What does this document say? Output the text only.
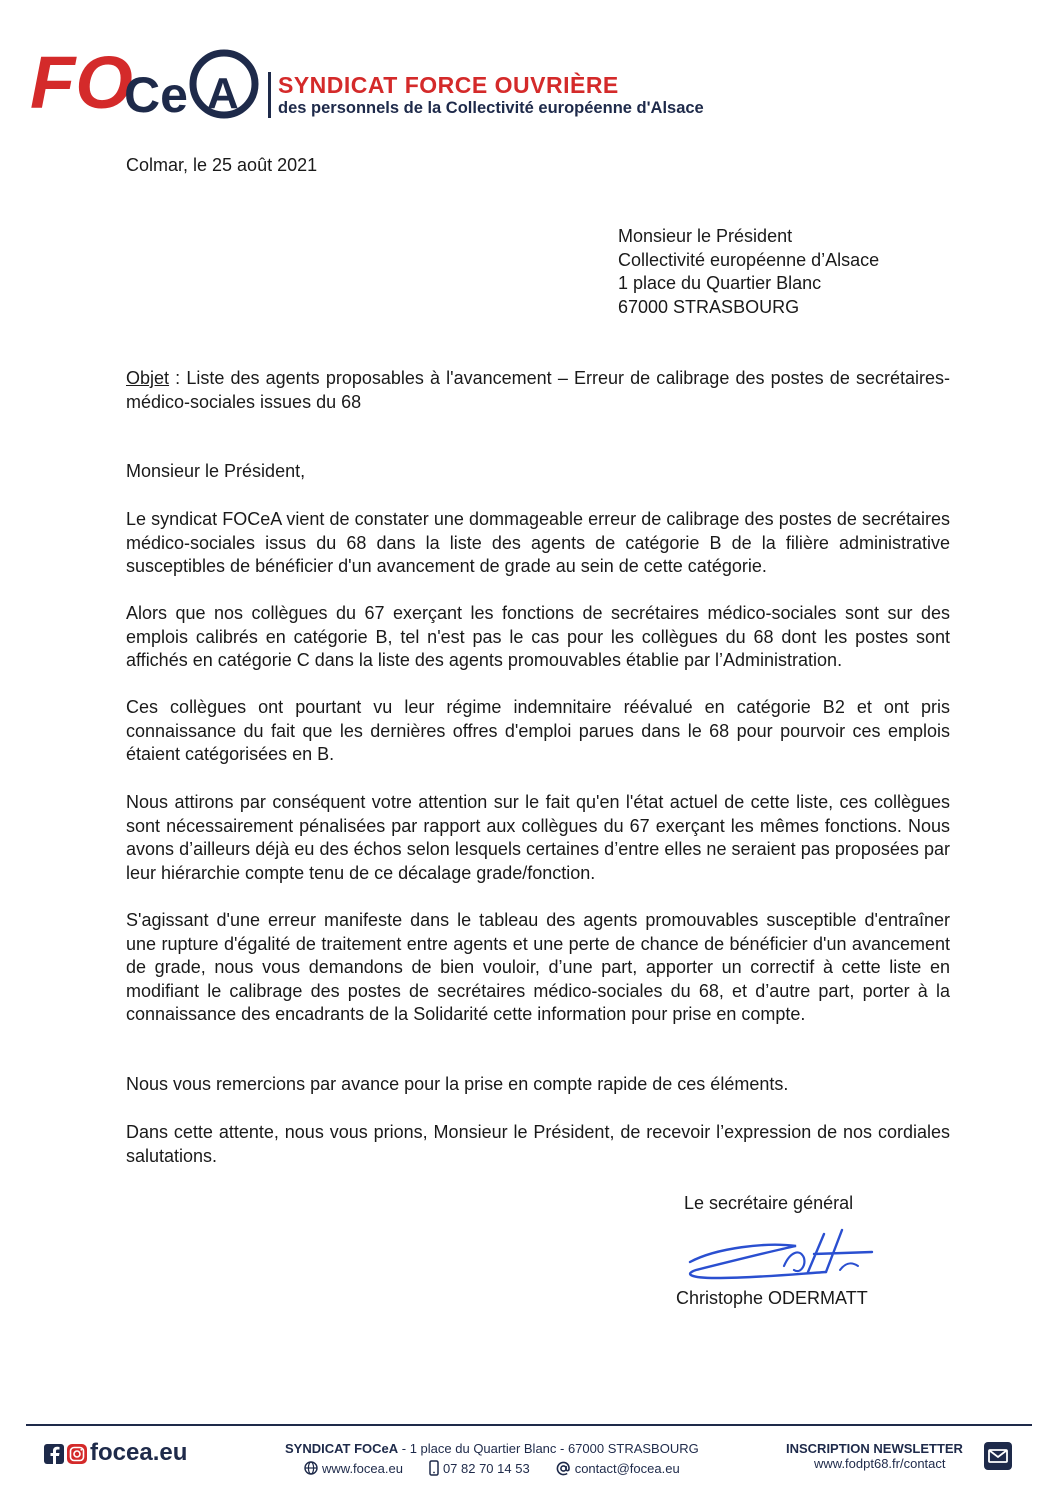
FO
Ce A SYNDICAT FORCE OUVRIÈRE
des personnels de la Collectivité européenne d'Alsace
Colmar, le 25 août 2021
Monsieur le Président
Collectivité européenne d’Alsace
1 place du Quartier Blanc
67000 STRASBOURG
Objet : Liste des agents proposables à l'avancement – Erreur de calibrage des postes de secrétaires-médico-sociales issues du 68
Monsieur le Président,
Le syndicat FOCeA vient de constater une dommageable erreur de calibrage des postes de secrétaires médico-sociales issus du 68 dans la liste des agents de catégorie B de la filière administrative susceptibles de bénéficier d'un avancement de grade au sein de cette catégorie.
Alors que nos collègues du 67 exerçant les fonctions de secrétaires médico-sociales sont sur des emplois calibrés en catégorie B, tel n'est pas le cas pour les collègues du 68 dont les postes sont affichés en catégorie C dans la liste des agents promouvables établie par l’Administration.
Ces collègues ont pourtant vu leur régime indemnitaire réévalué en catégorie B2 et ont pris connaissance du fait que les dernières offres d'emploi parues dans le 68 pour pourvoir ces emplois étaient catégorisées en B.
Nous attirons par conséquent votre attention sur le fait qu'en l'état actuel de cette liste, ces collègues sont nécessairement pénalisées par rapport aux collègues du 67 exerçant les mêmes fonctions. Nous avons d’ailleurs déjà eu des échos selon lesquels certaines d’entre elles ne seraient pas proposées par leur hiérarchie compte tenu de ce décalage grade/fonction.
S'agissant d'une erreur manifeste dans le tableau des agents promouvables susceptible d'entraîner une rupture d'égalité de traitement entre agents et une perte de chance de bénéficier d'un avancement de grade, nous vous demandons de bien vouloir, d’une part, apporter un correctif à cette liste en modifiant le calibrage des postes de secrétaires médico-sociales du 68, et d’autre part, porter à la connaissance des encadrants de la Solidarité cette information pour prise en compte.
Nous vous remercions par avance pour la prise en compte rapide de ces éléments.
Dans cette attente, nous vous prions, Monsieur le Président, de recevoir l’expression de nos cordiales salutations.
Le secrétaire général
Christophe ODERMATT
focea.eu	SYNDICAT FOCeA - 1 place du Quartier Blanc - 67000 STRASBOURG
www.focea.eu	07 82 70 14 53	contact@focea.eu
INSCRIPTION NEWSLETTER
www.fodpt68.fr/contact
